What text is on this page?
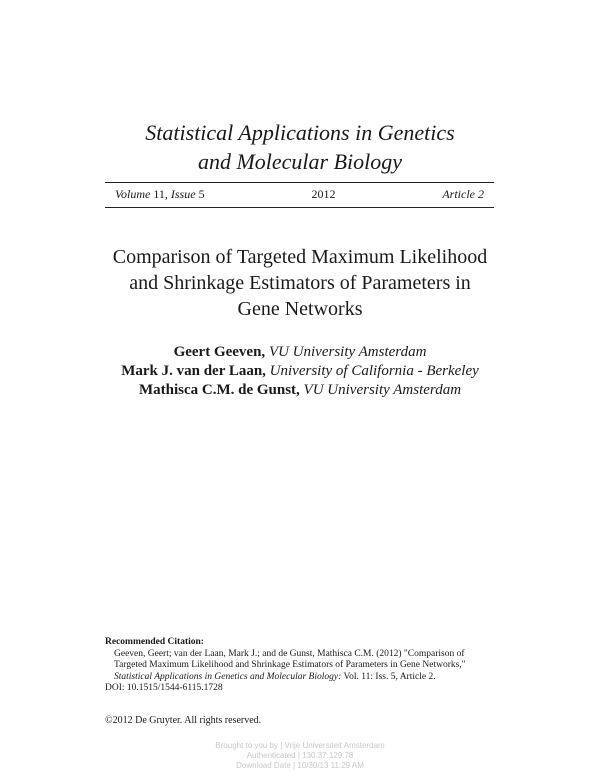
Statistical Applications in Genetics
and Molecular Biology
Volume 11, Issue 5	2012	Article 2
Comparison of Targeted Maximum Likelihood
and Shrinkage Estimators of Parameters in
Gene Networks
Geert Geeven, VU University Amsterdam
Mark J. van der Laan, University of California - Berkeley
Mathisca C.M. de Gunst, VU University Amsterdam
Recommended Citation:
Geeven, Geert; van der Laan, Mark J.; and de Gunst, Mathisca C.M. (2012) "Comparison of
Targeted Maximum Likelihood and Shrinkage Estimators of Parameters in Gene Networks,"
Statistical Applications in Genetics and Molecular Biology: Vol. 11: Iss. 5, Article 2.
DOI: 10.1515/1544-6115.1728
©2012 De Gruyter. All rights reserved.
Brought to you by | Vrije Universiteit Amsterdam
Authenticated | 130.37.129.78
Download Date | 10/30/13 11:29 AM
